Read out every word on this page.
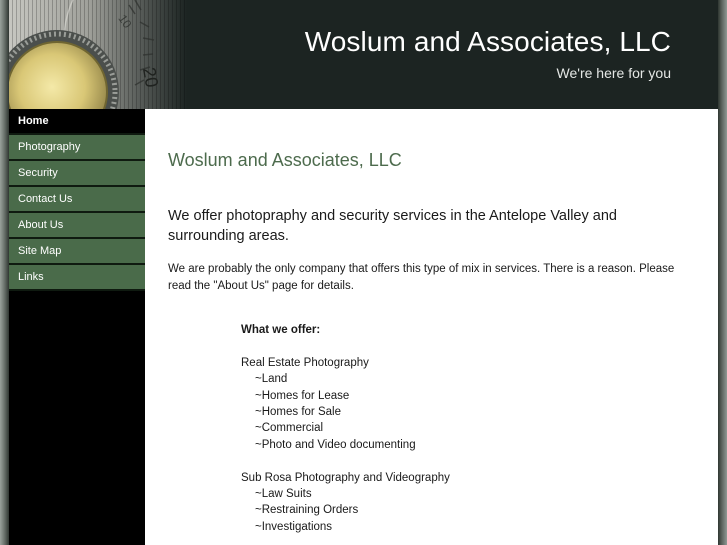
20
10
Woslum and Associates, LLC
We're here for you
Home
Photography
Security
Contact Us
About Us
Site Map
Links
Woslum and Associates, LLC

We offer photopraphy and security services in the Antelope Valley and surrounding areas.

We are probably the only company that offers this type of mix in services. There is a reason. Please read the "About Us" page for details.

What we offer:

Real Estate Photography

~Land

~Homes for Lease

~Homes for Sale

~Commercial

~Photo and Video documenting

Sub Rosa Photography and Videography

~Law Suits

~Restraining Orders

~Investigations
